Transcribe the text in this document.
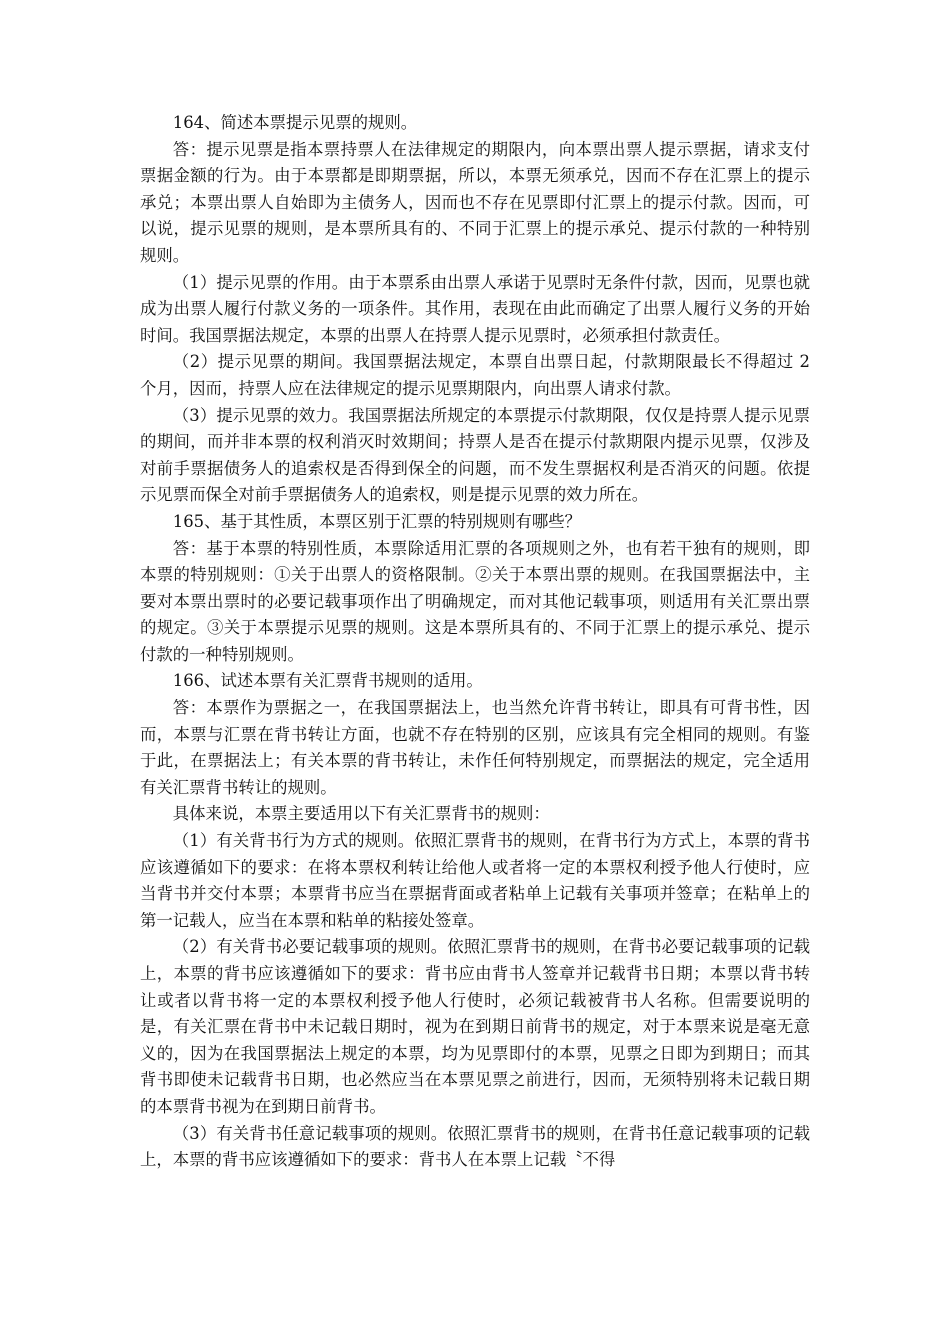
164、简述本票提示见票的规则。

答：提示见票是指本票持票人在法律规定的期限内，向本票出票人提示票据，请求支付票据金额的行为。由于本票都是即期票据，所以，本票无须承兑，因而不存在汇票上的提示承兑；本票出票人自始即为主债务人，因而也不存在见票即付汇票上的提示付款。因而，可以说，提示见票的规则，是本票所具有的、不同于汇票上的提示承兑、提示付款的一种特别规则。

（1）提示见票的作用。由于本票系由出票人承诺于见票时无条件付款，因而，见票也就成为出票人履行付款义务的一项条件。其作用，表现在由此而确定了出票人履行义务的开始时间。我国票据法规定，本票的出票人在持票人提示见票时，必须承担付款责任。

（2）提示见票的期间。我国票据法规定，本票自出票日起，付款期限最长不得超过 2 个月，因而，持票人应在法律规定的提示见票期限内，向出票人请求付款。

（3）提示见票的效力。我国票据法所规定的本票提示付款期限，仅仅是持票人提示见票的期间，而并非本票的权利消灭时效期间；持票人是否在提示付款期限内提示见票，仅涉及对前手票据债务人的追索权是否得到保全的问题，而不发生票据权利是否消灭的问题。依提示见票而保全对前手票据债务人的追索权，则是提示见票的效力所在。

165、基于其性质，本票区别于汇票的特别规则有哪些？

答：基于本票的特别性质，本票除适用汇票的各项规则之外，也有若干独有的规则，即本票的特别规则：①关于出票人的资格限制。②关于本票出票的规则。在我国票据法中，主要对本票出票时的必要记载事项作出了明确规定，而对其他记载事项，则适用有关汇票出票的规定。③关于本票提示见票的规则。这是本票所具有的、不同于汇票上的提示承兑、提示付款的一种特别规则。

166、试述本票有关汇票背书规则的适用。

答：本票作为票据之一，在我国票据法上，也当然允许背书转让，即具有可背书性，因而，本票与汇票在背书转让方面，也就不存在特别的区别，应该具有完全相同的规则。有鉴于此，在票据法上；有关本票的背书转让，未作任何特别规定，而票据法的规定，完全适用有关汇票背书转让的规则。

具体来说，本票主要适用以下有关汇票背书的规则：

（1）有关背书行为方式的规则。依照汇票背书的规则，在背书行为方式上，本票的背书应该遵循如下的要求：在将本票权利转让给他人或者将一定的本票权利授予他人行使时，应当背书并交付本票；本票背书应当在票据背面或者粘单上记载有关事项并签章；在粘单上的第一记载人，应当在本票和粘单的粘接处签章。

（2）有关背书必要记载事项的规则。依照汇票背书的规则，在背书必要记载事项的记载上，本票的背书应该遵循如下的要求：背书应由背书人签章并记载背书日期；本票以背书转让或者以背书将一定的本票权利授予他人行使时，必须记载被背书人名称。但需要说明的是，有关汇票在背书中未记载日期时，视为在到期日前背书的规定，对于本票来说是毫无意义的，因为在我国票据法上规定的本票，均为见票即付的本票，见票之日即为到期日；而其背书即使未记载背书日期，也必然应当在本票见票之前进行，因而，无须特别将未记载日期的本票背书视为在到期日前背书。

（3）有关背书任意记载事项的规则。依照汇票背书的规则，在背书任意记载事项的记载上，本票的背书应该遵循如下的要求：背书人在本票上记载〝不得
